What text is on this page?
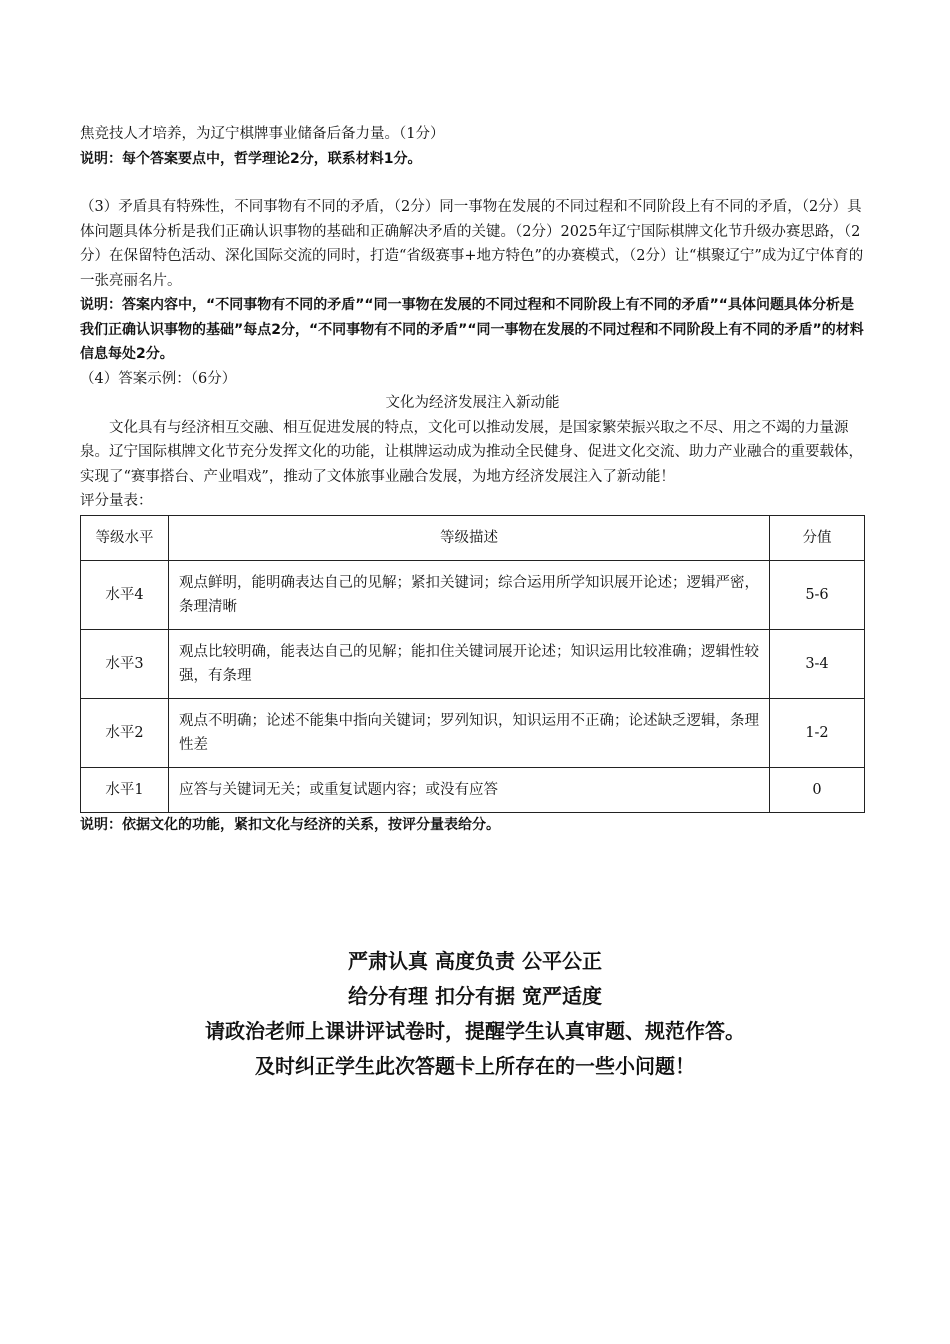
焦竞技人才培养，为辽宁棋牌事业储备后备力量。（1分）

说明：每个答案要点中，哲学理论2分，联系材料1分。

（3）矛盾具有特殊性，不同事物有不同的矛盾，（2分）同一事物在发展的不同过程和不同阶段上有不同的矛盾，（2分）具体问题具体分析是我们正确认识事物的基础和正确解决矛盾的关键。（2分）2025年辽宁国际棋牌文化节升级办赛思路，（2分）在保留特色活动、深化国际交流的同时，打造“省级赛事+地方特色”的办赛模式，（2分）让“棋聚辽宁”成为辽宁体育的一张亮丽名片。

说明：答案内容中，“不同事物有不同的矛盾”“同一事物在发展的不同过程和不同阶段上有不同的矛盾”“具体问题具体分析是我们正确认识事物的基础”每点2分，“不同事物有不同的矛盾”“同一事物在发展的不同过程和不同阶段上有不同的矛盾”的材料信息每处2分。

（4）答案示例：（6分）

文化为经济发展注入新动能

文化具有与经济相互交融、相互促进发展的特点，文化可以推动发展，是国家繁荣振兴取之不尽、用之不竭的力量源泉。辽宁国际棋牌文化节充分发挥文化的功能，让棋牌运动成为推动全民健身、促进文化交流、助力产业融合的重要载体，实现了“赛事搭台、产业唱戏”，推动了文体旅事业融合发展，为地方经济发展注入了新动能！

评分量表：

等级水平	等级描述	分值
水平4	观点鲜明，能明确表达自己的见解；紧扣关键词；综合运用所学知识展开论述；逻辑严密，条理清晰	5-6
水平3	观点比较明确，能表达自己的见解；能扣住关键词展开论述；知识运用比较准确；逻辑性较强，有条理	3-4
水平2	观点不明确；论述不能集中指向关键词；罗列知识，知识运用不正确；论述缺乏逻辑，条理性差	1-2
水平1	应答与关键词无关；或重复试题内容；或没有应答	0

说明：依据文化的功能，紧扣文化与经济的关系，按评分量表给分。

严肃认真 高度负责 公平公正
给分有理 扣分有据 宽严适度
请政治老师上课讲评试卷时，提醒学生认真审题、规范作答。
及时纠正学生此次答题卡上所存在的一些小问题！
